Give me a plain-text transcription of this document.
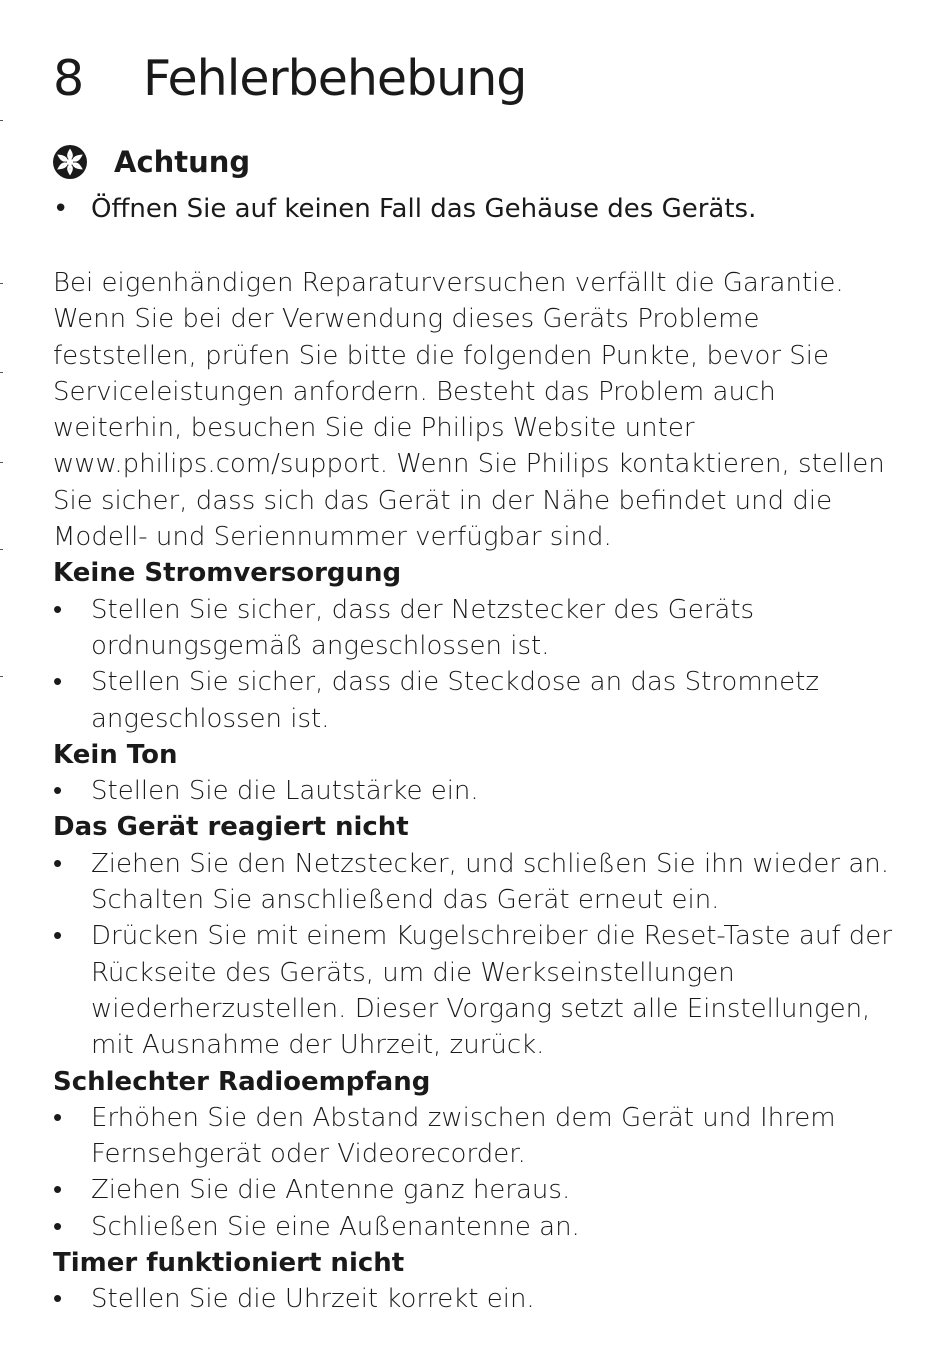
8 Fehlerbehebung
Achtung
• Öffnen Sie auf keinen Fall das Gehäuse des Geräts.

Bei eigenhändigen Reparaturversuchen verfällt die Garantie.

Wenn Sie bei der Verwendung dieses Geräts Probleme feststellen, prüfen Sie bitte die folgenden Punkte, bevor Sie Serviceleistungen anfordern. Besteht das Problem auch weiterhin, besuchen Sie die Philips Website unter www.philips.com/support. Wenn Sie Philips kontaktieren, stellen Sie sicher, dass sich das Gerät in der Nähe befindet und die Modell- und Seriennummer verfügbar sind.

Keine Stromversorgung
• Stellen Sie sicher, dass der Netzstecker des Geräts ordnungsgemäß angeschlossen ist.
• Stellen Sie sicher, dass die Steckdose an das Stromnetz angeschlossen ist.
Kein Ton
• Stellen Sie die Lautstärke ein.
Das Gerät reagiert nicht
• Ziehen Sie den Netzstecker, und schließen Sie ihn wieder an. Schalten Sie anschließend das Gerät erneut ein.
• Drücken Sie mit einem Kugelschreiber die Reset-Taste auf der Rückseite des Geräts, um die Werkseinstellungen wiederherzustellen. Dieser Vorgang setzt alle Einstellungen, mit Ausnahme der Uhrzeit, zurück.
Schlechter Radioempfang
• Erhöhen Sie den Abstand zwischen dem Gerät und Ihrem Fernsehgerät oder Videorecorder.
• Ziehen Sie die Antenne ganz heraus.
• Schließen Sie eine Außenantenne an.
Timer funktioniert nicht
• Stellen Sie die Uhrzeit korrekt ein.
